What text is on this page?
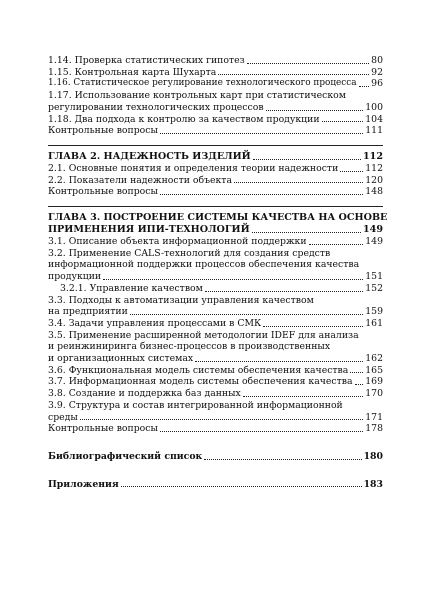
1.14. Проверка статистических гипотез	80
1.15. Контрольная карта Шухарта	92
1.16. Статистическое регулирование технологического процесса 96
1.17. Использование контрольных карт при статистическом
регулировании технологических процессов	100
1.18. Два подхода к контролю за качеством продукции	104
Контрольные вопросы	111
ГЛАВА 2. НАДЕЖНОСТЬ ИЗДЕЛИЙ	112
2.1. Основные понятия и определения теории надежности	112
2.2. Показатели надежности объекта	120
Контрольные вопросы	148
ГЛАВА 3. ПОСТРОЕНИЕ СИСТЕМЫ КАЧЕСТВА НА ОСНОВЕ
ПРИМЕНЕНИЯ ИПИ-ТЕХНОЛОГИЙ	149
3.1. Описание объекта информационной поддержки	149
3.2. Применение CALS-технологий для создания средств
информационной поддержки процессов обеспечения качества
продукции	151
3.2.1. Управление качеством	152
3.3. Подходы к автоматизации управления качеством
на предприятии	159
3.4. Задачи управления процессами в СМК	161
3.5. Применение расширенной методологии IDEF для анализа
и реинжиниринга бизнес-процессов в производственных
и организационных системах	162
3.6. Функциональная модель системы обеспечения качества 165
3.7. Информационная модель системы обеспечения качества 169
3.8. Создание и поддержка баз данных	170
3.9. Структура и состав интегрированной информационной
среды	171
Контрольные вопросы	178
Библиографический список	180
Приложения	183
